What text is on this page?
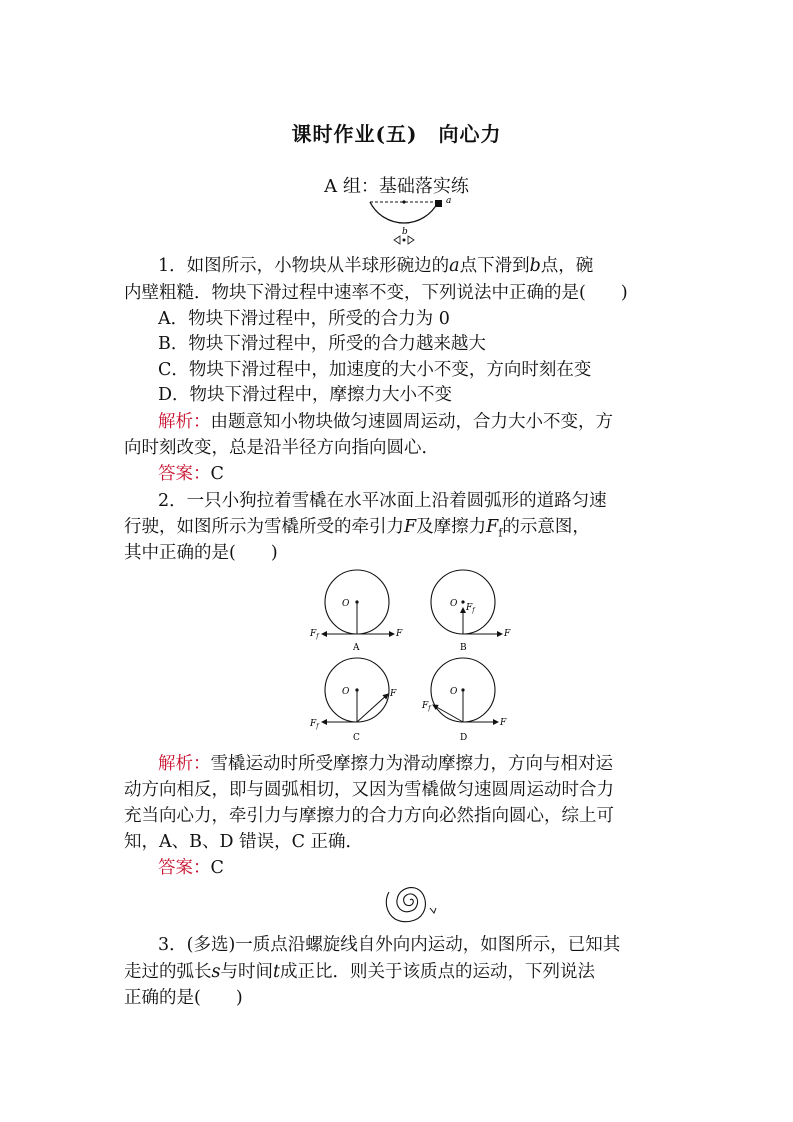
课时作业(五)　向心力
A 组：基础落实练
a
b
1．如图所示，小物块从半球形碗边的a点下滑到b点，碗
内壁粗糙．物块下滑过程中速率不变，下列说法中正确的是(　　)
A．物块下滑过程中，所受的合力为 0
B．物块下滑过程中，所受的合力越来越大
C．物块下滑过程中，加速度的大小不变，方向时刻在变
D．物块下滑过程中，摩擦力大小不变
解析：由题意知小物块做匀速圆周运动，合力大小不变，方
向时刻改变，总是沿半径方向指向圆心．
答案：C
2．一只小狗拉着雪橇在水平冰面上沿着圆弧形的道路匀速
行驶，如图所示为雪橇所受的牵引力F及摩擦力$F_f$的示意图，
其中正确的是(　　)
O
F
$F_f$
A
O $F_f$
F
B
O	F
$F_f$
C
O
$F_f$
F
D
解析：雪橇运动时所受摩擦力为滑动摩擦力，方向与相对运
动方向相反，即与圆弧相切，又因为雪橇做匀速圆周运动时合力
充当向心力，牵引力与摩擦力的合力方向必然指向圆心，综上可
知，A、B、D 错误，C 正确．
答案：C
3．(多选)一质点沿螺旋线自外向内运动，如图所示，已知其
走过的弧长s与时间t成正比．则关于该质点的运动，下列说法
正确的是(　　)
